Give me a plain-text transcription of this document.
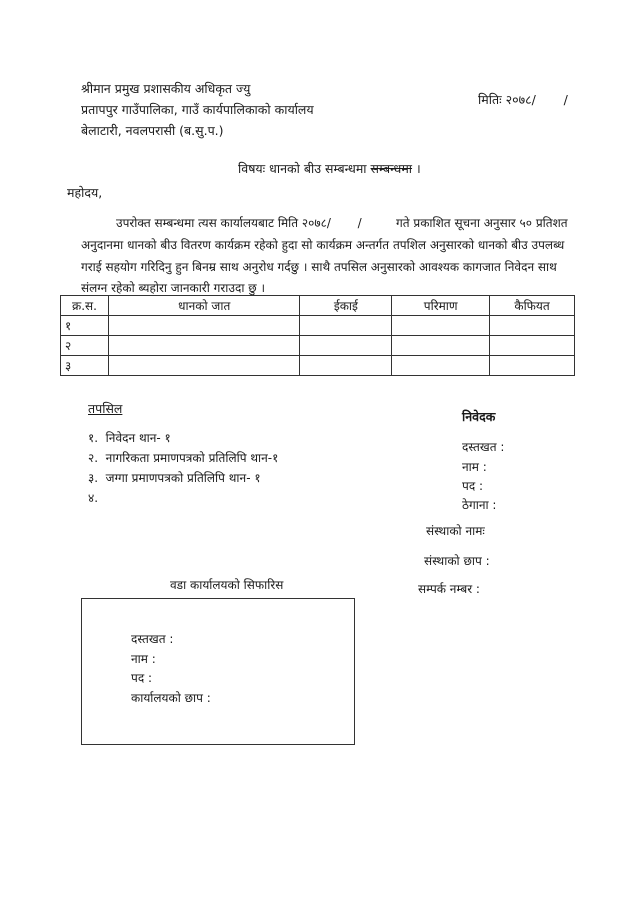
श्रीमान प्रमुख प्रशासकीय अधिकृत ज्यु
प्रतापपुर गाउँपालिका, गाउँ कार्यपालिकाको कार्यालय
बेलाटारी, नवलपरासी (ब.सु.प.)
मितिः २०७८/       /
विषयः धानको बीउ सम्बन्धमा सम्बन्धमा ।
महोदय,
उपरोक्त सम्बन्धमा त्यस कार्यालयबाट मिति २०७८/       /         गते प्रकाशित सूचना अनुसार ५० प्रतिशत
अनुदानमा धानको बीउ वितरण कार्यक्रम रहेको हुदा सो कार्यक्रम अन्तर्गत तपशिल अनुसारको धानको बीउ उपलब्ध
गराई सहयोग गरिदिनु हुन बिनम्र साथ अनुरोध गर्दछु । साथै तपसिल अनुसारको आवश्यक कागजात निवेदन साथ
संलग्न रहेको ब्यहोरा जानकारी गराउदा छु ।
क्र.स.	धानको जात	ईकाई	परिमाण	कैफियत
१				
२				
३				
तपसिल
१.  निवेदन थान- १
२.  नागरिकता प्रमाणपत्रको प्रतिलिपि थान-१
३.  जग्गा प्रमाणपत्रको प्रतिलिपि थान- १
४.
निवेदक
दस्तखत :
नाम :
पद :
ठेगाना :
संस्थाको नामः
संस्थाको छाप :
सम्पर्क नम्बर :
वडा कार्यालयको सिफारिस
दस्तखत :
नाम :
पद :
कार्यालयको छाप :
